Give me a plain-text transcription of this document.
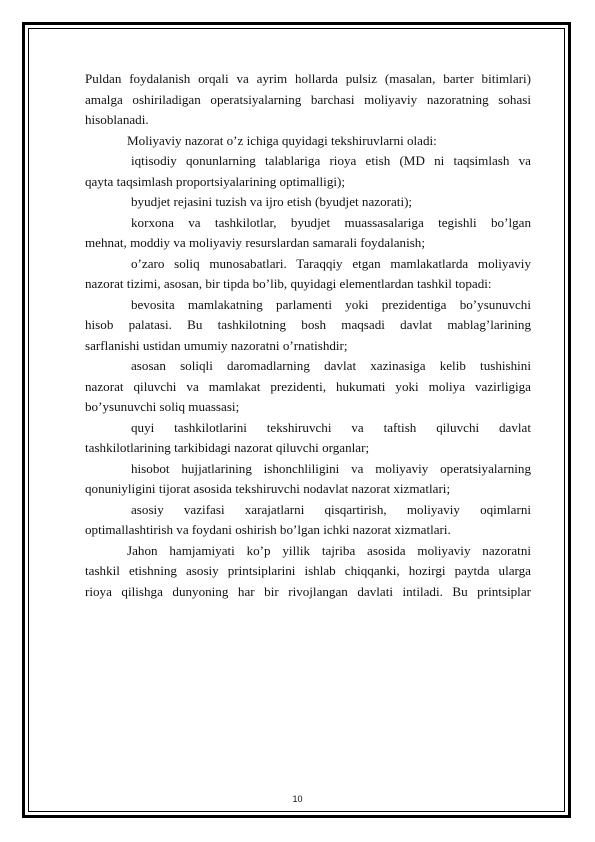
Puldan foydalanish orqali va ayrim hollarda pulsiz (masalan, barter bitimlari)

amalga oshiriladigan operatsiyalarning barchasi moliyaviy nazoratning sohasi

hisoblanadi.

Moliyaviy nazorat o’z ichiga quyidagi tekshiruvlarni oladi:

iqtisodiy qonunlarning talablariga rioya etish (MD ni taqsimlash va

qayta taqsimlash proportsiyalarining optimalligi);

byudjet rejasini tuzish va ijro etish (byudjet nazorati);

korxona va tashkilotlar, byudjet muassasalariga tegishli bo’lgan

mehnat, moddiy va moliyaviy resurslardan samarali foydalanish;

o’zaro soliq munosabatlari. Taraqqiy etgan mamlakatlarda moliyaviy

nazorat tizimi, asosan, bir tipda bo’lib, quyidagi elementlardan tashkil topadi:

bevosita mamlakatning parlamenti yoki prezidentiga bo’ysunuvchi

hisob palatasi. Bu tashkilotning bosh maqsadi davlat mablag’larining

sarflanishi ustidan umumiy nazoratni o’rnatishdir;

asosan soliqli daromadlarning davlat xazinasiga kelib tushishini

nazorat qiluvchi va mamlakat prezidenti, hukumati yoki moliya vazirligiga

bo’ysunuvchi soliq muassasi;

quyi tashkilotlarini tekshiruvchi va taftish qiluvchi davlat

tashkilotlarining tarkibidagi nazorat qiluvchi organlar;

hisobot hujjatlarining ishonchliligini va moliyaviy operatsiyalarning

qonuniyligini tijorat asosida tekshiruvchi nodavlat nazorat xizmatlari;

asosiy vazifasi xarajatlarni qisqartirish, moliyaviy oqimlarni

optimallashtirish va foydani oshirish bo’lgan ichki nazorat xizmatlari.

Jahon hamjamiyati ko’p yillik tajriba asosida moliyaviy nazoratni

tashkil etishning asosiy printsiplarini ishlab chiqqanki, hozirgi paytda ularga

rioya qilishga dunyoning har bir rivojlangan davlati intiladi. Bu printsiplar

10
